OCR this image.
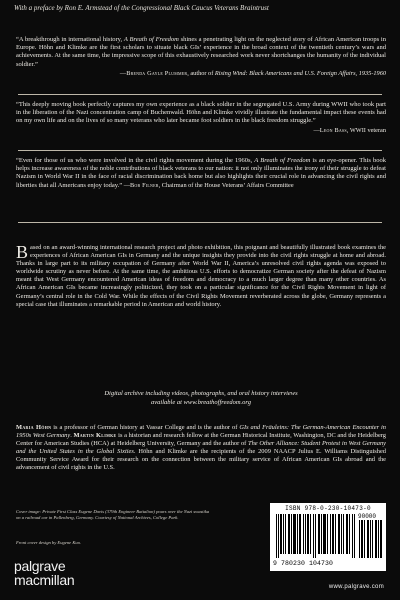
With a preface by Ron E. Armstead of the Congressional Black Caucus Veterans Braintrust
“A breakthrough in international history, A Breath of Freedom shines a penetrating light on the neglected story of African American troops in Europe. Höhn and Klimke are the first scholars to situate black GIs’ experience in the broad context of the twentieth century’s wars and achievements. At the same time, the impressive scope of this exhaustively researched work never shortchanges the humanity of the individual soldier.”
—Brenda Gayle Plummer, author of Rising Wind: Black Americans and U.S. Foreign Affairs, 1935-1960
“This deeply moving book perfectly captures my own experience as a black soldier in the segregated U.S. Army during WWII who took part in the liberation of the Nazi concentration camp of Buchenwald. Höhn and Klimke vividly illustrate the fundamental impact these events had on my own life and on the lives of so many veterans who later became foot soldiers in the black freedom struggle.”
—Leon Bass, WWII veteran
“Even for those of us who were involved in the civil rights movement during the 1960s, A Breath of Freedom is an eye-opener. This book helps increase awareness of the noble contributions of black veterans to our nation: it not only illuminates the irony of their struggle to defeat Nazism in World War II in the face of racial discrimination back home but also highlights their crucial role in advancing the civil rights and liberties that all Americans enjoy today.” —Bob Filner, Chairman of the House Veterans’ Affairs Committee
Based on an award-winning international research project and photo exhibition, this poignant and beautifully illustrated book examines the experiences of African American GIs in Germany and the unique insights they provide into the civil rights struggle at home and abroad. Thanks in large part to its military occupation of Germany after World War II, America’s unresolved civil rights agenda was exposed to worldwide scrutiny as never before. At the same time, the ambitious U.S. efforts to democratize German society after the defeat of Nazism meant that West Germany encountered American ideas of freedom and democracy to a much larger degree than many other countries. As African American GIs became increasingly politicized, they took on a particular significance for the Civil Rights Movement in light of Germany’s central role in the Cold War. While the effects of the Civil Rights Movement reverberated across the globe, Germany represents a special case that illuminates a remarkable period in American and world history.
Digital archive including videos, photographs, and oral history interviews
available at www.breathoffreedom.org
Maria Höhn is a professor of German history at Vassar College and is the author of GIs and Fräuleins: The German-American Encounter in 1950s West Germany. Martin Klimke is a historian and research fellow at the German Historical Institute, Washington, DC and the Heidelberg Center for American Studies (HCA) at Heidelberg University, Germany and the author of The Other Alliance: Student Protest in West Germany and the United States in the Global Sixties. Höhn and Klimke are the recipients of the 2009 NAACP Julius E. Williams Distinguished Community Service Award for their research on the connection between the military service of African American GIs abroad and the advancement of civil rights in the U.S.
Cover image: Private First Class Eugene Davis (379th Engineer Battalion) pours over the Nazi swastika on a railroad car in Pallenberg, Germany. Courtesy of National Archives, College Park.
Front cover design by Eugene Kuo.
palgrave
macmillan	www.palgrave.com
ISBN 978-0-230-10473-0
90000
9 780230 104730
